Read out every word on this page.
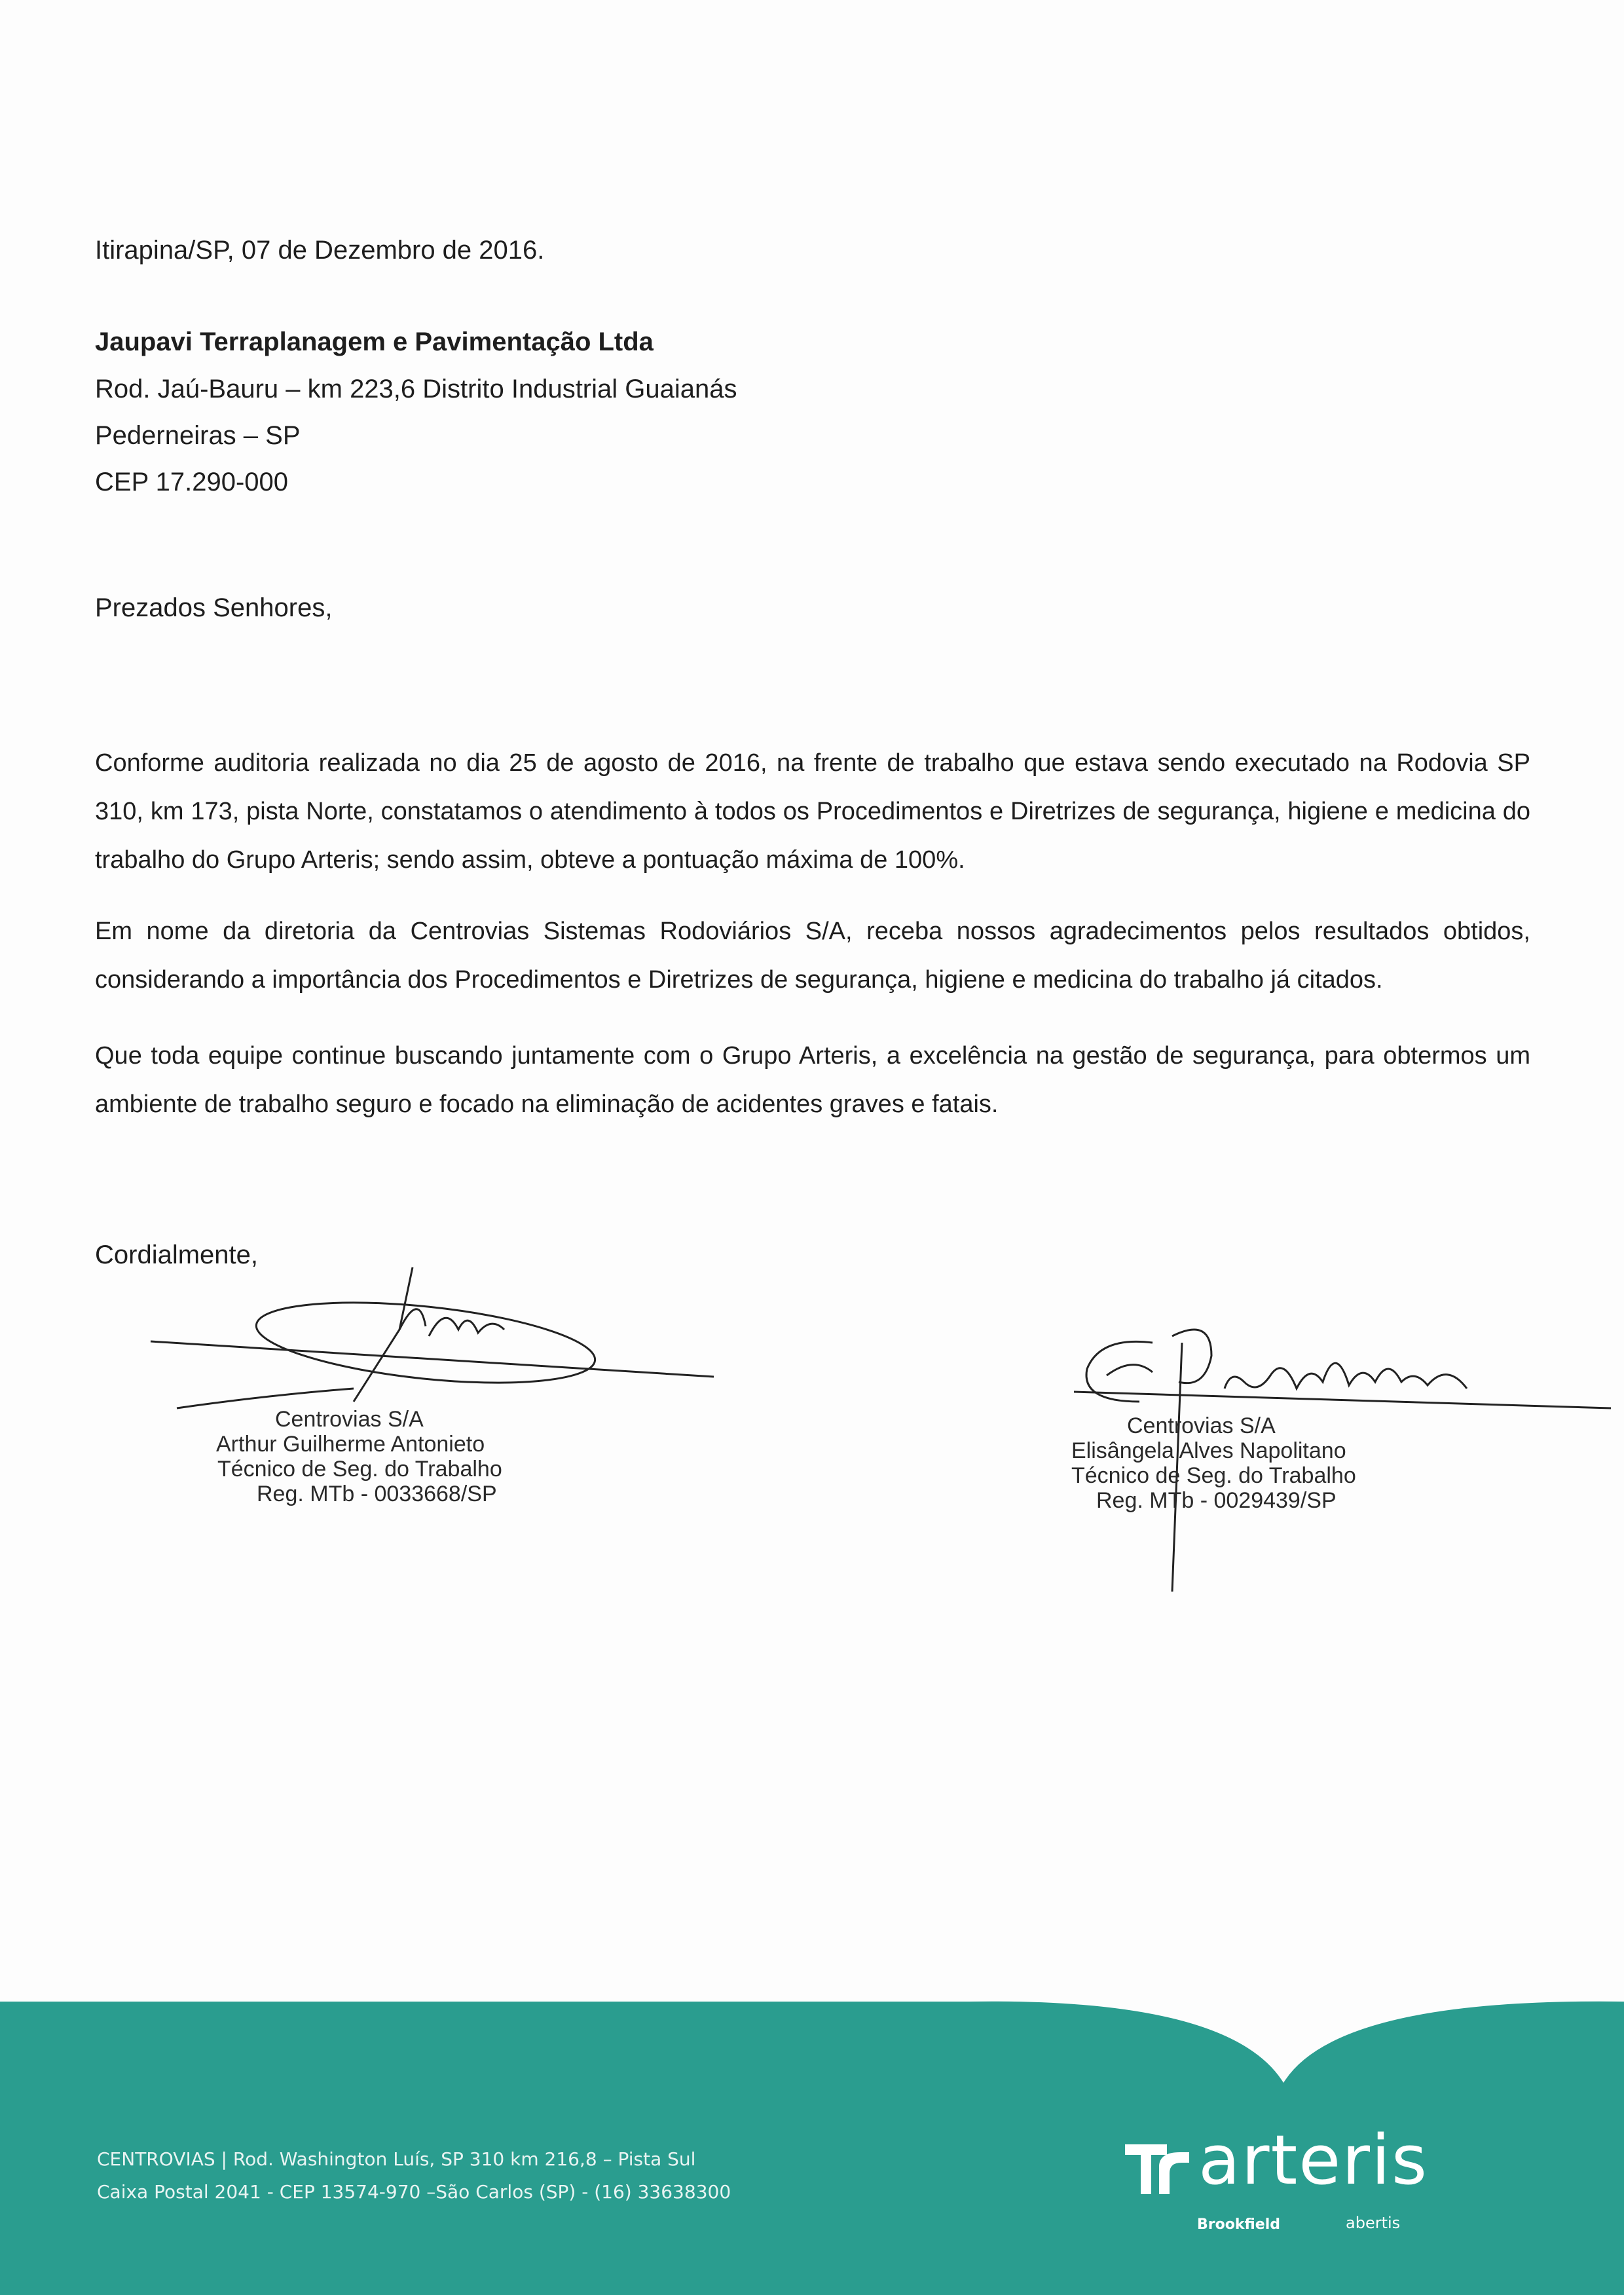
Itirapina/SP, 07 de Dezembro de 2016.
Jaupavi Terraplanagem e Pavimentação Ltda
Rod. Jaú-Bauru – km 223,6 Distrito Industrial Guaianás
Pederneiras – SP
CEP 17.290-000
Prezados Senhores,
Conforme auditoria realizada no dia 25 de agosto de 2016, na frente de trabalho que estava sendo executado na Rodovia SP 310, km 173, pista Norte, constatamos o atendimento à todos os Procedimentos e Diretrizes de segurança, higiene e medicina do trabalho do Grupo Arteris; sendo assim, obteve a pontuação máxima de 100%.
Em nome da diretoria da Centrovias Sistemas Rodoviários S/A, receba nossos agradecimentos pelos resultados obtidos, considerando a importância dos Procedimentos e Diretrizes de segurança, higiene e medicina do trabalho já citados.
Que toda equipe continue buscando juntamente com o Grupo Arteris, a excelência na gestão de segurança, para obtermos um ambiente de trabalho seguro e focado na eliminação de acidentes graves e fatais.
Cordialmente,
Centrovias S/A
Arthur Guilherme Antonieto
Técnico de Seg. do Trabalho
Reg. MTb - 0033668/SP
Centrovias S/A
Elisângela Alves Napolitano
Técnico de Seg. do Trabalho
Reg. MTb - 0029439/SP
CENTROVIAS | Rod. Washington Luís, SP 310 km 216,8 – Pista Sul
Caixa Postal 2041 - CEP 13574-970 –São Carlos (SP) - (16) 33638300	arteris
Brookfield	abertis
